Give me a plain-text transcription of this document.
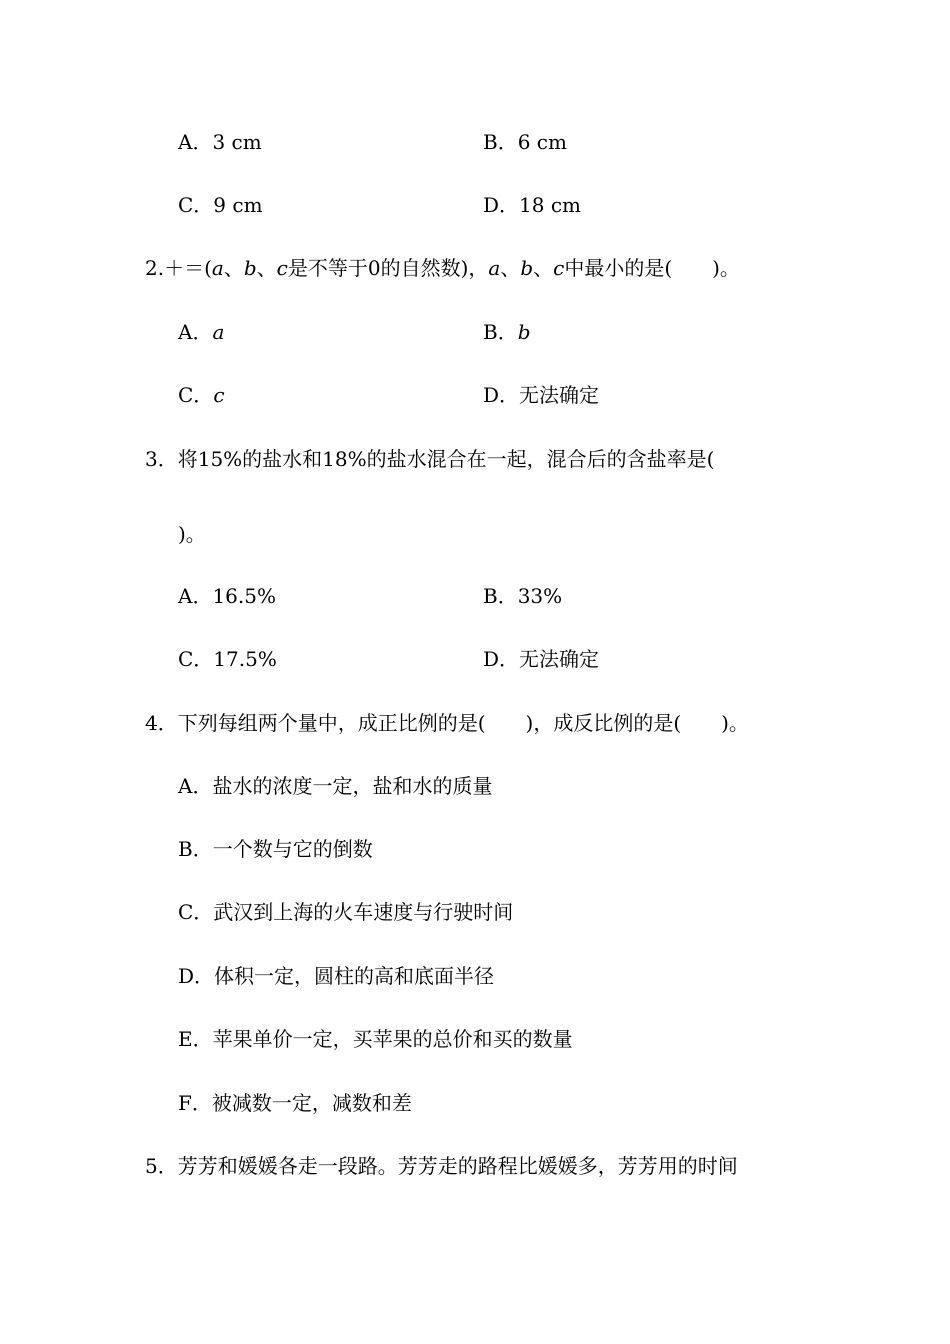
A．3 cm	B．6 cm
C．9 cm	D．18 cm
2.＋＝(a、b、c是不等于0的自然数)，a、b、c中最小的是(　　)。
A．a	B．b
C．c	D．无法确定
3．将15%的盐水和18%的盐水混合在一起，混合后的含盐率是(
)。
A．16.5%	B．33%
C．17.5%	D．无法确定
4．下列每组两个量中，成正比例的是(　　)，成反比例的是(　　)。
A．盐水的浓度一定，盐和水的质量
B．一个数与它的倒数
C．武汉到上海的火车速度与行驶时间
D．体积一定，圆柱的高和底面半径
E．苹果单价一定，买苹果的总价和买的数量
F．被减数一定，减数和差
5．芳芳和媛媛各走一段路。芳芳走的路程比媛媛多，芳芳用的时间
